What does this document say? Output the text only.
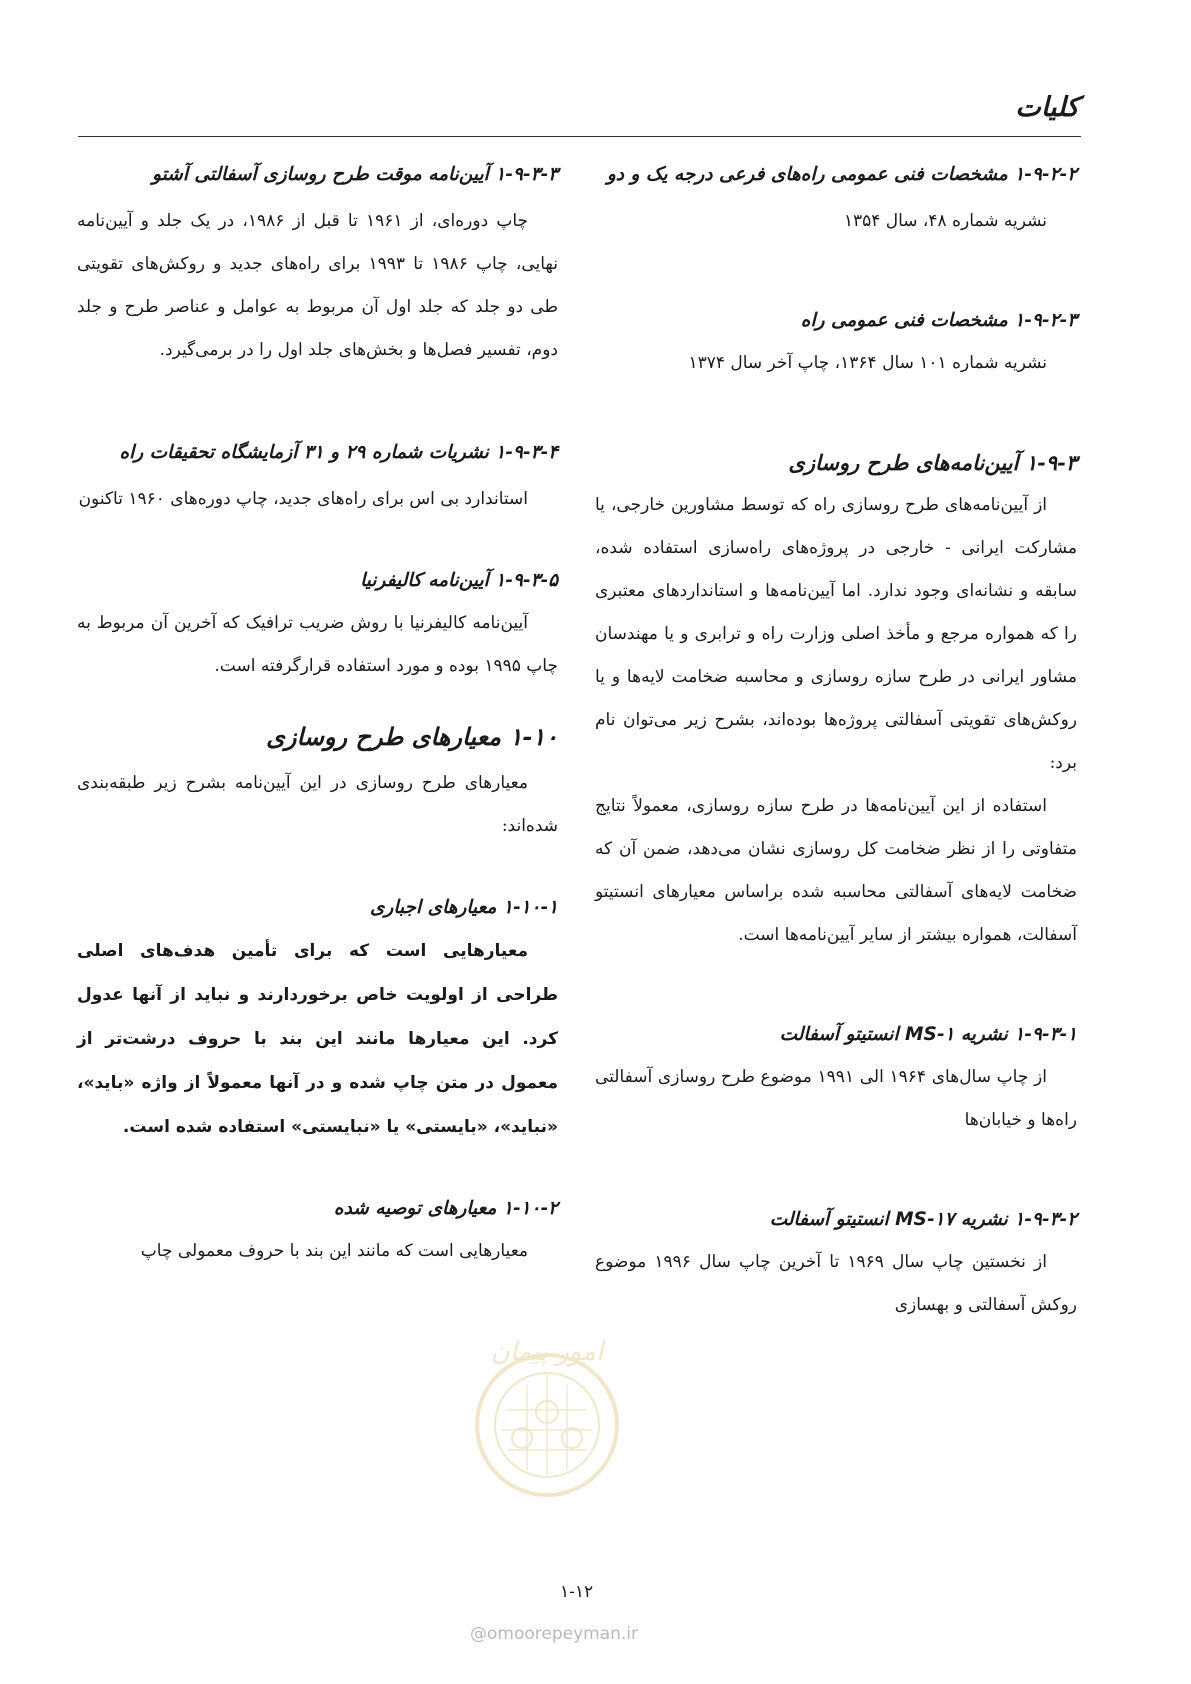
کلیات

۱-۹-۲-۲ مشخصات فنی عمومی راه‌های فرعی درجه یک و دو

نشریه شماره ۴۸، سال ۱۳۵۴

۱-۹-۲-۳ مشخصات فنی عمومی راه

نشریه شماره ۱۰۱ سال ۱۳۶۴، چاپ آخر سال ۱۳۷۴

۱-۹-۳ آیین‌نامه‌های طرح روسازی

از آیین‌نامه‌های طرح روسازی راه که توسط مشاورین خارجی، یا مشارکت ایرانی - خارجی در پروژه‌های راه‌سازی استفاده شده، سابقه و نشانه‌ای وجود ندارد. اما آیین‌نامه‌ها و استانداردهای معتبری را که همواره مرجع و مأخذ اصلی وزارت راه و ترابری و یا مهندسان مشاور ایرانی در طرح سازه روسازی و محاسبه ضخامت لایه‌ها و یا روکش‌های تقویتی آسفالتی پروژه‌ها بوده‌اند، بشرح زیر می‌توان نام برد:

استفاده از این آیین‌نامه‌ها در طرح سازه روسازی، معمولاً نتایج متفاوتی را از نظر ضخامت کل روسازی نشان می‌دهد، ضمن آن که ضخامت لایه‌های آسفالتی محاسبه شده براساس معیارهای انستیتو آسفالت، همواره بیشتر از سایر آیین‌نامه‌ها است.

۱-۹-۳-۱ نشریه ۱-MS انستیتو آسفالت

از چاپ سال‌های ۱۹۶۴ الی ۱۹۹۱ موضوع طرح روسازی آسفالتی راه‌ها و خیابان‌ها

۱-۹-۳-۲ نشریه ۱۷-MS انستیتو آسفالت

از نخستین چاپ سال ۱۹۶۹ تا آخرین چاپ سال ۱۹۹۶ موضوع روکش آسفالتی و بهسازی

۱-۹-۳-۳ آیین‌نامه موقت طرح روسازی آسفالتی آشتو

چاپ دوره‌ای، از ۱۹۶۱ تا قبل از ۱۹۸۶، در یک جلد و آیین‌نامه نهایی، چاپ ۱۹۸۶ تا ۱۹۹۳ برای راه‌های جدید و روکش‌های تقویتی طی دو جلد که جلد اول آن مربوط به عوامل و عناصر طرح و جلد دوم، تفسیر فصل‌ها و بخش‌های جلد اول را در برمی‌گیرد.

۱-۹-۳-۴ نشریات شماره ۲۹ و ۳۱ آزمایشگاه تحقیقات راه

استاندارد بی اس برای راه‌های جدید، چاپ دوره‌های ۱۹۶۰ تاکنون

۱-۹-۳-۵ آیین‌نامه کالیفرنیا

آیین‌نامه کالیفرنیا با روش ضریب ترافیک که آخرین آن مربوط به چاپ ۱۹۹۵ بوده و مورد استفاده قرارگرفته است.

۱-۱۰ معیارهای طرح روسازی

معیارهای طرح روسازی در این آیین‌نامه بشرح زیر طبقه‌بندی شده‌اند:

۱-۱۰-۱ معیارهای اجباری

معیارهایی است که برای تأمین هدف‌های اصلی طراحی از اولویت خاص برخوردارند و نباید از آنها عدول کرد. این معیارها مانند این بند با حروف درشت‌تر از معمول در متن چاپ شده و در آنها معمولاً از واژه «باید»، «نباید»، «بایستی» یا «نبایستی» استفاده شده است.

۱-۱۰-۲ معیارهای توصیه شده

معیارهایی است که مانند این بند با حروف معمولی چاپ

امور پیمان
۱-۱۲
@omoorepeyman.ir
